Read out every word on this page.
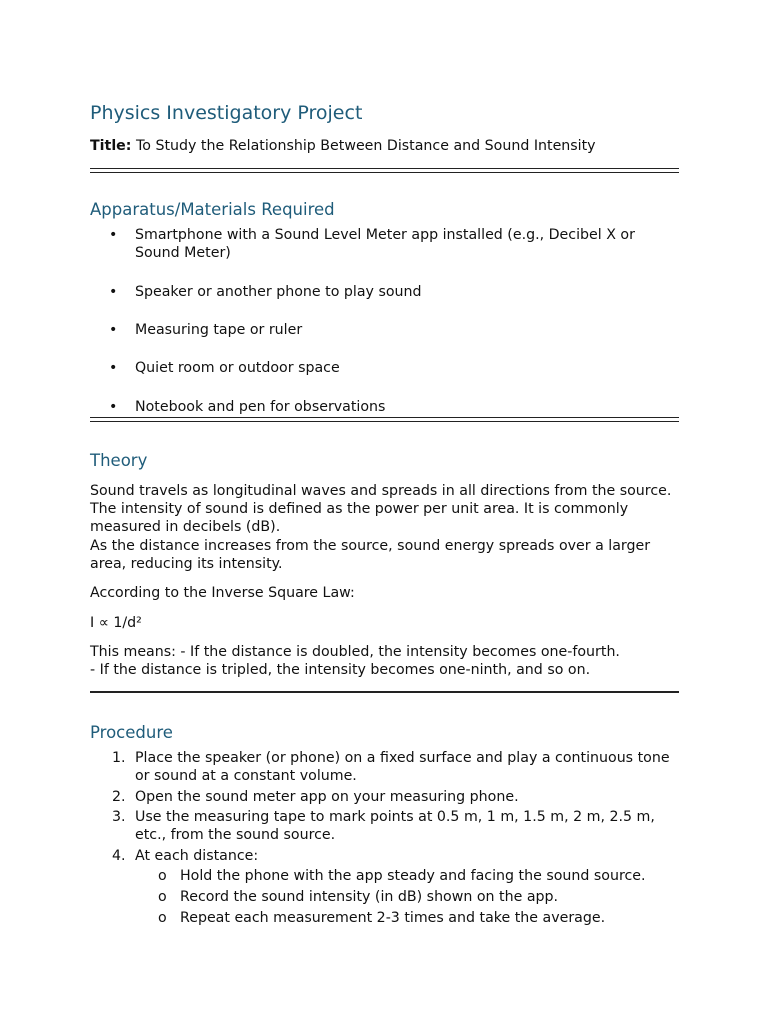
Physics Investigatory Project
Title: To Study the Relationship Between Distance and Sound Intensity
Apparatus/Materials Required
• Smartphone with a Sound Level Meter app installed (e.g., Decibel X or Sound Meter)
• Speaker or another phone to play sound
• Measuring tape or ruler
• Quiet room or outdoor space
• Notebook and pen for observations
Theory

Sound travels as longitudinal waves and spreads in all directions from the source. The intensity of sound is defined as the power per unit area. It is commonly measured in decibels (dB).
As the distance increases from the source, sound energy spreads over a larger area, reducing its intensity.

According to the Inverse Square Law:

I ∝ 1/d²

This means: - If the distance is doubled, the intensity becomes one-fourth.
- If the distance is tripled, the intensity becomes one-ninth, and so on.

Procedure
1. Place the speaker (or phone) on a fixed surface and play a continuous tone or sound at a constant volume.
2. Open the sound meter app on your measuring phone.
3. Use the measuring tape to mark points at 0.5 m, 1 m, 1.5 m, 2 m, 2.5 m, etc., from the sound source.
4. At each distance:
o Hold the phone with the app steady and facing the sound source.
o Record the sound intensity (in dB) shown on the app.
o Repeat each measurement 2-3 times and take the average.
